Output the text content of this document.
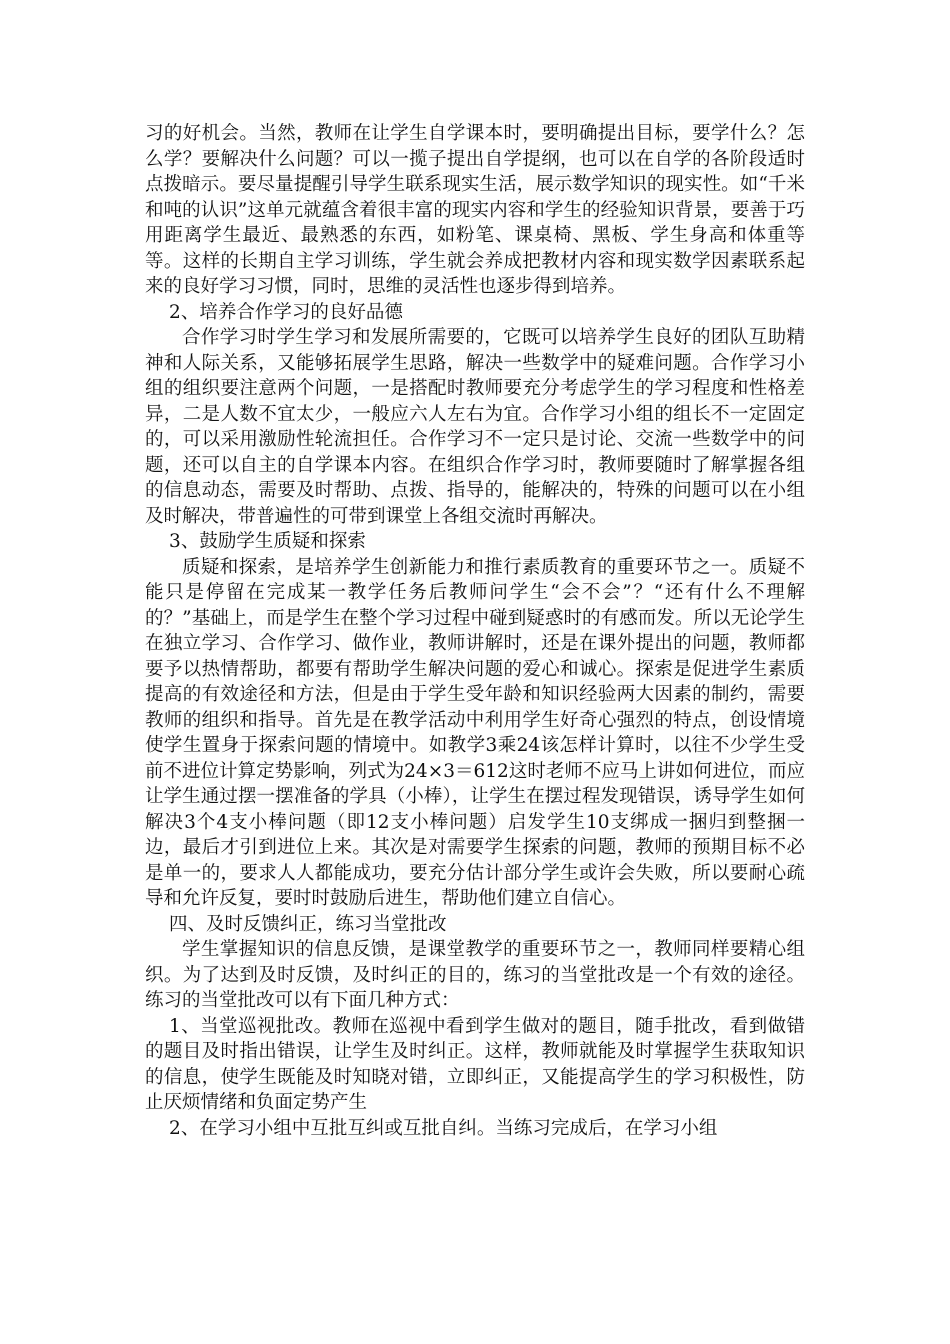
习的好机会。当然，教师在让学生自学课本时，要明确提出目标，要学什么？怎么学？要解决什么问题？可以一揽子提出自学提纲，也可以在自学的各阶段适时点拨暗示。要尽量提醒引导学生联系现实生活，展示数学知识的现实性。如“千米和吨的认识”这单元就蕴含着很丰富的现实内容和学生的经验知识背景，要善于巧用距离学生最近、最熟悉的东西，如粉笔、课桌椅、黑板、学生身高和体重等等。这样的长期自主学习训练，学生就会养成把教材内容和现实数学因素联系起来的良好学习习惯，同时，思维的灵活性也逐步得到培养。

2、培养合作学习的良好品德

合作学习时学生学习和发展所需要的，它既可以培养学生良好的团队互助精神和人际关系，又能够拓展学生思路，解决一些数学中的疑难问题。合作学习小组的组织要注意两个问题，一是搭配时教师要充分考虑学生的学习程度和性格差异，二是人数不宜太少，一般应六人左右为宜。合作学习小组的组长不一定固定的，可以采用激励性轮流担任。合作学习不一定只是讨论、交流一些数学中的问题，还可以自主的自学课本内容。在组织合作学习时，教师要随时了解掌握各组的信息动态，需要及时帮助、点拨、指导的，能解决的，特殊的问题可以在小组及时解决，带普遍性的可带到课堂上各组交流时再解决。

3、鼓励学生质疑和探索

质疑和探索，是培养学生创新能力和推行素质教育的重要环节之一。质疑不能只是停留在完成某一教学任务后教师问学生“会不会”？“还有什么不理解的？”基础上，而是学生在整个学习过程中碰到疑惑时的有感而发。所以无论学生在独立学习、合作学习、做作业，教师讲解时，还是在课外提出的问题，教师都要予以热情帮助，都要有帮助学生解决问题的爱心和诚心。探索是促进学生素质提高的有效途径和方法，但是由于学生受年龄和知识经验两大因素的制约，需要教师的组织和指导。首先是在教学活动中利用学生好奇心强烈的特点，创设情境使学生置身于探索问题的情境中。如教学3乘24该怎样计算时，以往不少学生受前不进位计算定势影响，列式为24×3＝612这时老师不应马上讲如何进位，而应让学生通过摆一摆准备的学具（小棒），让学生在摆过程发现错误，诱导学生如何解决3个4支小棒问题（即12支小棒问题）启发学生10支绑成一捆归到整捆一边，最后才引到进位上来。其次是对需要学生探索的问题，教师的预期目标不必是单一的，要求人人都能成功，要充分估计部分学生或许会失败，所以要耐心疏导和允许反复，要时时鼓励后进生，帮助他们建立自信心。

四、及时反馈纠正，练习当堂批改

学生掌握知识的信息反馈，是课堂教学的重要环节之一，教师同样要精心组织。为了达到及时反馈，及时纠正的目的，练习的当堂批改是一个有效的途径。练习的当堂批改可以有下面几种方式：

1、当堂巡视批改。教师在巡视中看到学生做对的题目，随手批改，看到做错的题目及时指出错误，让学生及时纠正。这样，教师就能及时掌握学生获取知识的信息，使学生既能及时知晓对错，立即纠正，又能提高学生的学习积极性，防止厌烦情绪和负面定势产生

2、在学习小组中互批互纠或互批自纠。当练习完成后，在学习小组
